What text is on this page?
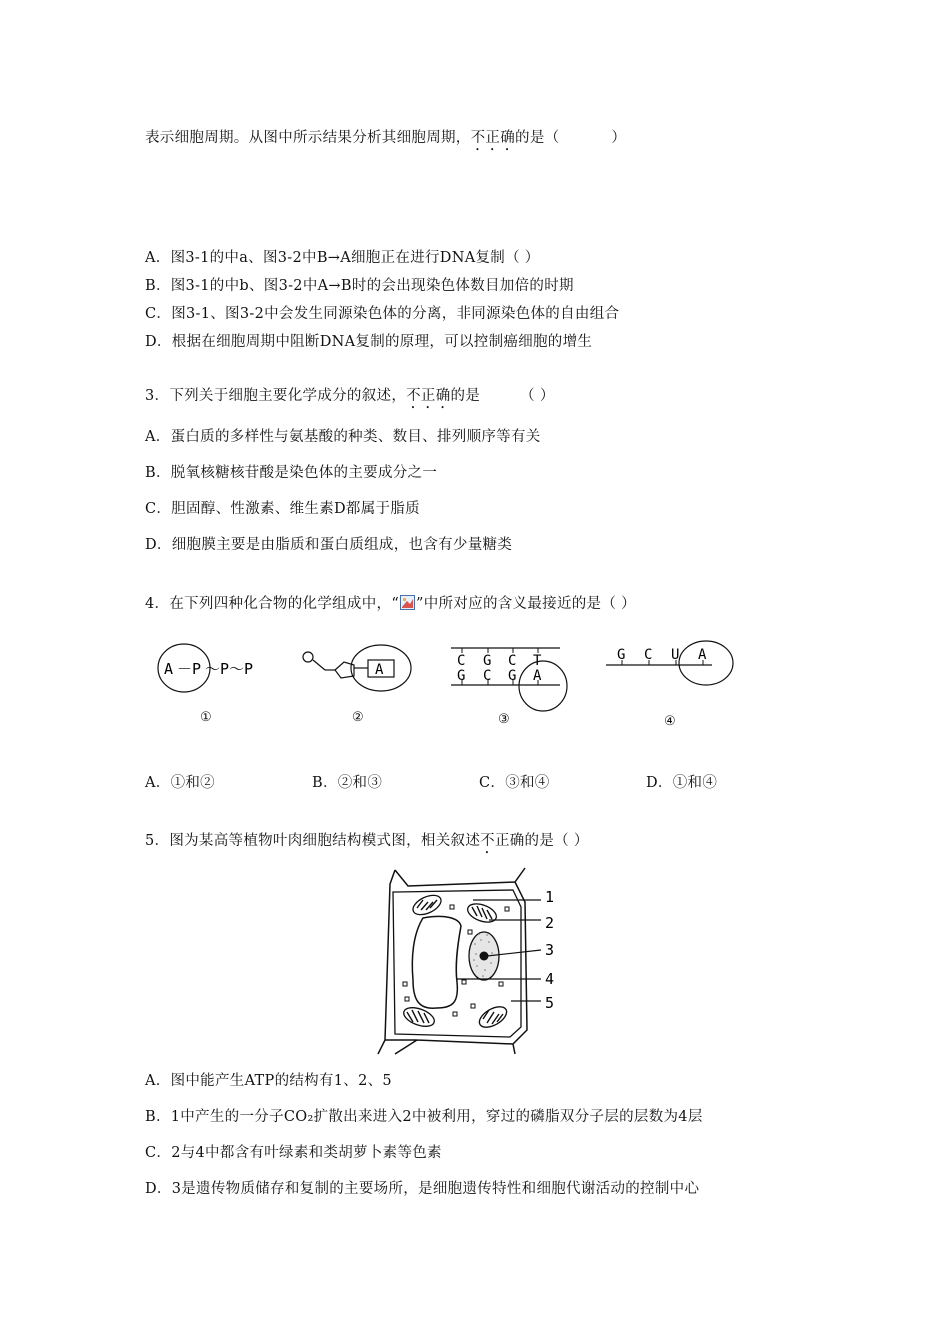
表示细胞周期。从图中所示结果分析其细胞周期，不正确的是（	）
A．图3-1的中a、图3-2中B→A细胞正在进行DNA复制（ ）
B．图3-1的中b、图3-2中A→B时的会出现染色体数目加倍的时期
C．图3-1、图3-2中会发生同源染色体的分离，非同源染色体的自由组合
D．根据在细胞周期中阻断DNA复制的原理，可以控制癌细胞的增生
3．下列关于细胞主要化学成分的叙述，不正确的是	（ ）
A．蛋白质的多样性与氨基酸的种类、数目、排列顺序等有关
B．脱氧核糖核苷酸是染色体的主要成分之一
C．胆固醇、性激素、维生素D都属于脂质
D．细胞膜主要是由脂质和蛋白质组成，也含有少量糖类
4．在下列四种化合物的化学组成中，“ ”中所对应的含义最接近的是（ ）
A － P ～P～P
①
A
②
C G C T
G C G A
③
G C U A
④
A．①和②	B．②和③	C．③和④	D．①和④
5．图为某高等植物叶肉细胞结构模式图，相关叙述不正确的是（ ）
1
2
3
4
5
A．图中能产生ATP的结构有1、2、5
B．1中产生的一分子CO₂扩散出来进入2中被利用，穿过的磷脂双分子层的层数为4层
C．2与4中都含有叶绿素和类胡萝卜素等色素
D．3是遗传物质储存和复制的主要场所，是细胞遗传特性和细胞代谢活动的控制中心
